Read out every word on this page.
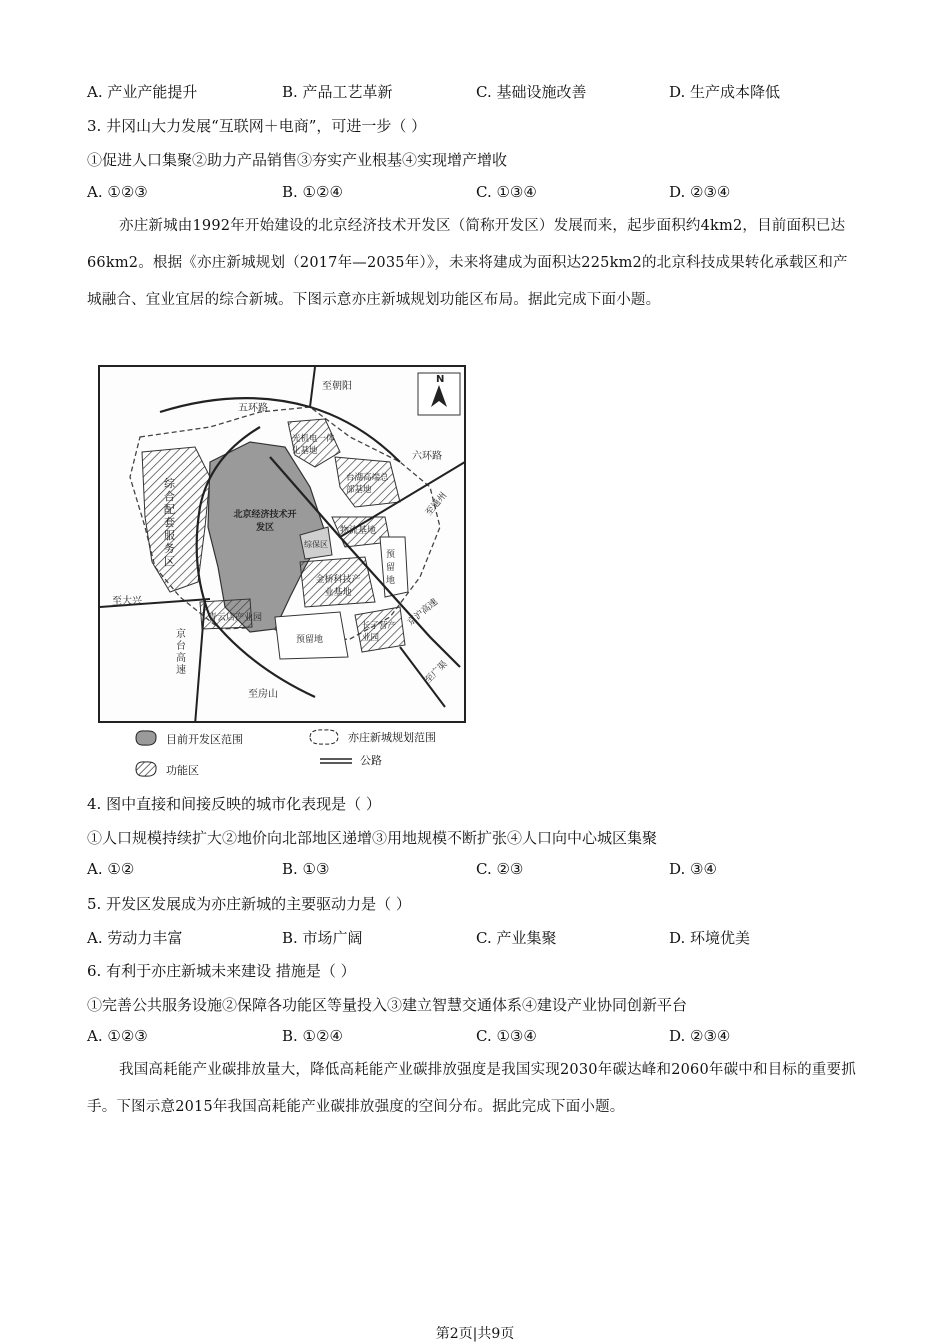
A. 产业产能提升	B. 产品工艺革新	C. 基础设施改善	D. 生产成本降低
3. 井冈山大力发展“互联网＋电商”，可进一步（ ）
①促进人口集聚②助力产品销售③夯实产业根基④实现增产增收
A. ①②③	B. ①②④	C. ①③④	D. ②③④
亦庄新城由1992年开始建设的北京经济技术开发区（简称开发区）发展而来，起步面积约4km2，目前面积已达66km2。根据《亦庄新城规划（2017年—2035年）》，未来将建成为面积达225km2的北京科技成果转化承载区和产城融合、宜业宜居的综合新城。下图示意亦庄新城规划功能区布局。据此完成下面小题。
N
至朝阳
五环路
六环路
光机电一体化基地
台湖高端总部基地
北京经济技术开发区
综合配套服务区
物流基地
综保区
预留地
金桥科技产业基地
至大兴
青云店产业园
京台高速
预留地
长子营产业园
京沪高速
至通州
至广渠
至房山
目前开发区范围	亦庄新城规划范围
功能区
公路
4. 图中直接和间接反映的城市化表现是（ ）
①人口规模持续扩大②地价向北部地区递增③用地规模不断扩张④人口向中心城区集聚
A. ①②	B. ①③	C. ②③	D. ③④
5. 开发区发展成为亦庄新城的主要驱动力是（ ）
A. 劳动力丰富	B. 市场广阔	C. 产业集聚	D. 环境优美
6. 有利于亦庄新城未来建设 措施是（ ）
①完善公共服务设施②保障各功能区等量投入③建立智慧交通体系④建设产业协同创新平台
A. ①②③	B. ①②④	C. ①③④	D. ②③④
我国高耗能产业碳排放量大，降低高耗能产业碳排放强度是我国实现2030年碳达峰和2060年碳中和目标的重要抓手。下图示意2015年我国高耗能产业碳排放强度的空间分布。据此完成下面小题。
第2页|共9页
